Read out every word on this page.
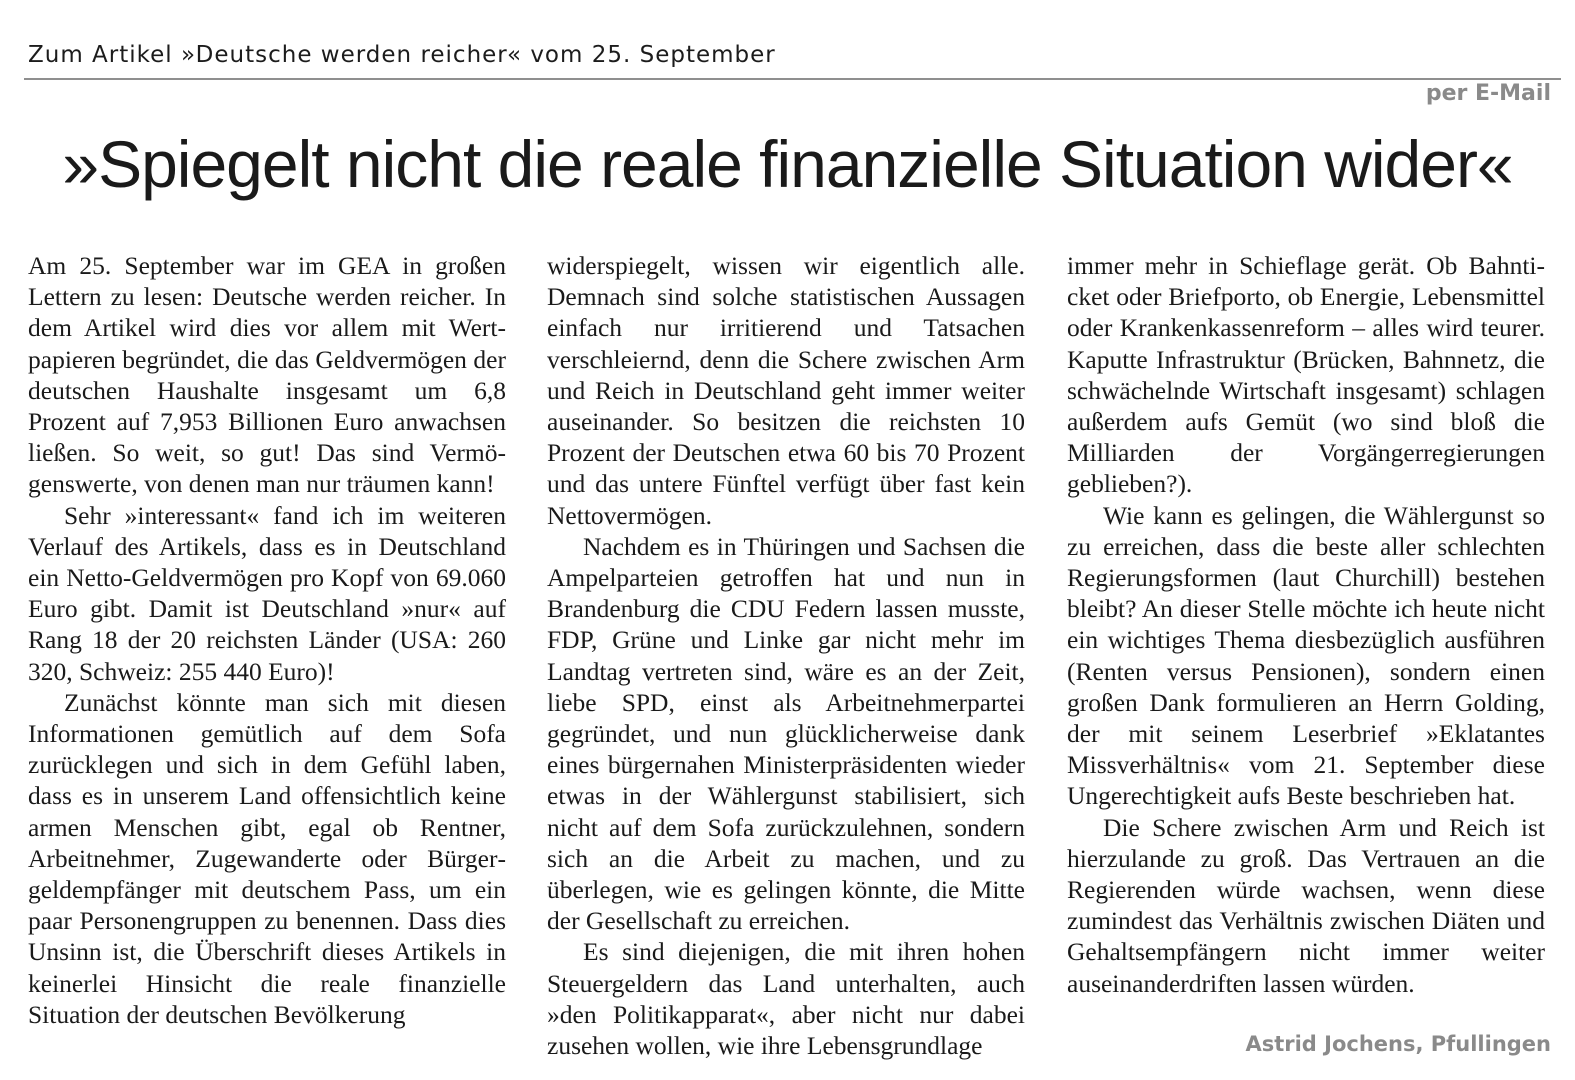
Zum Artikel »Deutsche werden reicher« vom 25. September
per E-Mail
»Spiegelt nicht die reale finanzielle Situation wider«

Am 25. September war im GEA in großen Lettern zu lesen: Deutsche werden reicher. In dem Artikel wird dies vor allem mit Wertpapieren begründet, die das Geldvermögen der deutschen Haushalte insgesamt um 6,8 Prozent auf 7,953 Billionen Euro anwachsen ließen. So weit, so gut! Das sind Vermögenswerte, von denen man nur träumen kann!

Sehr »interessant« fand ich im weiteren Verlauf des Artikels, dass es in Deutschland ein Netto-Geldvermögen pro Kopf von 69.060 Euro gibt. Damit ist Deutschland »nur« auf Rang 18 der 20 reichsten Länder (USA: 260 320, Schweiz: 255 440 Euro)!

Zunächst könnte man sich mit diesen Informationen gemütlich auf dem Sofa zurücklegen und sich in dem Gefühl laben, dass es in unserem Land offensichtlich keine armen Menschen gibt, egal ob Rentner, Arbeitnehmer, Zugewanderte oder Bürgergeldempfänger mit deutschem Pass, um ein paar Personengruppen zu benennen. Dass dies Unsinn ist, die Überschrift dieses Artikels in keinerlei Hinsicht die reale finanzielle Situation der deutschen Bevölkerung

widerspiegelt, wissen wir eigentlich alle. Demnach sind solche statistischen Aussagen einfach nur irritierend und Tatsachen verschleiernd, denn die Schere zwischen Arm und Reich in Deutschland geht immer weiter auseinander. So besitzen die reichsten 10 Prozent der Deutschen etwa 60 bis 70 Prozent und das untere Fünftel verfügt über fast kein Nettovermögen.

Nachdem es in Thüringen und Sachsen die Ampelparteien getroffen hat und nun in Brandenburg die CDU Federn lassen musste, FDP, Grüne und Linke gar nicht mehr im Landtag vertreten sind, wäre es an der Zeit, liebe SPD, einst als Arbeitnehmerpartei gegründet, und nun glücklicherweise dank eines bürgernahen Ministerpräsidenten wieder etwas in der Wählergunst stabilisiert, sich nicht auf dem Sofa zurückzulehnen, sondern sich an die Arbeit zu machen, und zu überlegen, wie es gelingen könnte, die Mitte der Gesellschaft zu erreichen.

Es sind diejenigen, die mit ihren hohen Steuergeldern das Land unterhalten, auch »den Politikapparat«, aber nicht nur dabei zusehen wollen, wie ihre Lebensgrundlage

immer mehr in Schieflage gerät. Ob Bahnticket oder Briefporto, ob Energie, Lebensmittel oder Krankenkassenreform – alles wird teurer. Kaputte Infrastruktur (Brücken, Bahnnetz, die schwächelnde Wirtschaft insgesamt) schlagen außerdem aufs Gemüt (wo sind bloß die Milliarden der Vorgängerregierungen geblieben?).

Wie kann es gelingen, die Wählergunst so zu erreichen, dass die beste aller schlechten Regierungsformen (laut Churchill) bestehen bleibt? An dieser Stelle möchte ich heute nicht ein wichtiges Thema diesbezüglich ausführen (Renten versus Pensionen), sondern einen großen Dank formulieren an Herrn Golding, der mit seinem Leserbrief »Eklatantes Missverhältnis« vom 21. September diese Ungerechtigkeit aufs Beste beschrieben hat.

Die Schere zwischen Arm und Reich ist hierzulande zu groß. Das Vertrauen an die Regierenden würde wachsen, wenn diese zumindest das Verhältnis zwischen Diäten und Gehaltsempfängern nicht immer weiter auseinanderdriften lassen würden.

Astrid Jochens, Pfullingen
